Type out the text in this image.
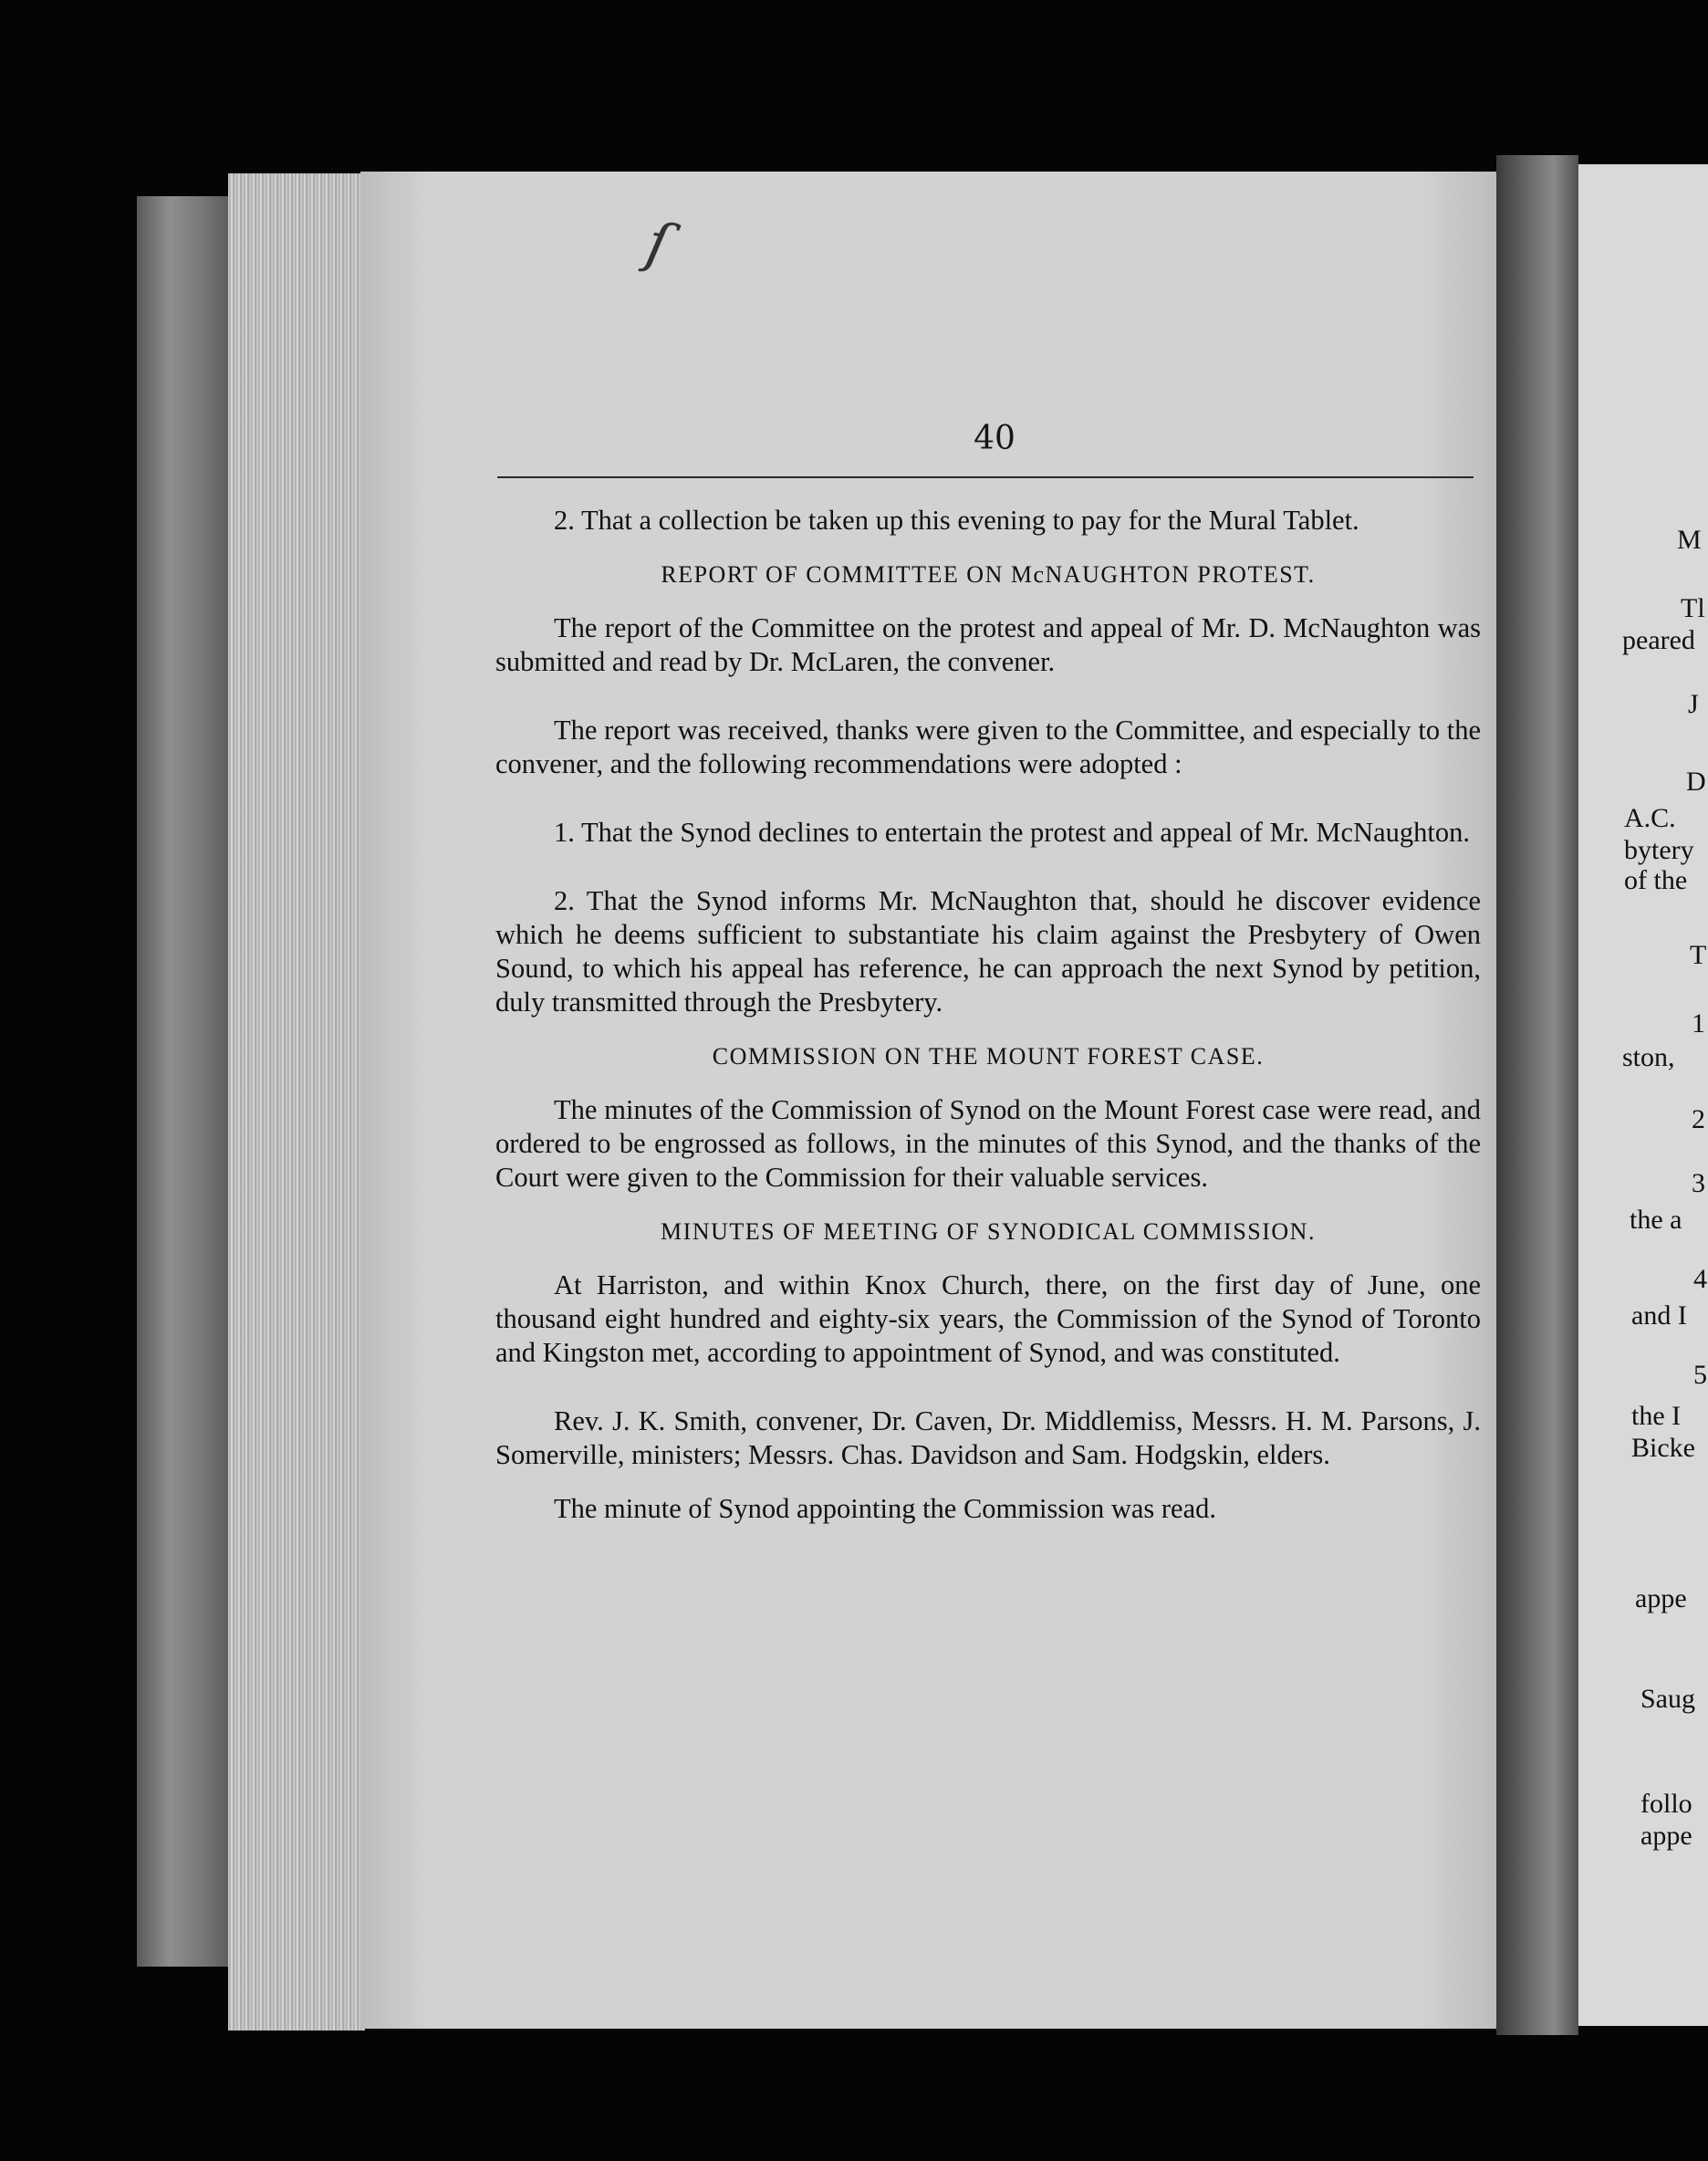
ſ
40

2. That a collection be taken up this evening to pay for the Mural Tablet.

REPORT OF COMMITTEE ON McNAUGHTON PROTEST.

The report of the Committee on the protest and appeal of Mr. D. McNaughton was submitted and read by Dr. McLaren, the convener.

The report was received, thanks were given to the Committee, and especially to the convener, and the following recommendations were adopted :

1. That the Synod declines to entertain the protest and appeal of Mr. McNaughton.

2. That the Synod informs Mr. McNaughton that, should he discover evidence which he deems sufficient to substantiate his claim against the Presbytery of Owen Sound, to which his appeal has reference, he can approach the next Synod by petition, duly transmitted through the Presbytery.

COMMISSION ON THE MOUNT FOREST CASE.

The minutes of the Commission of Synod on the Mount Forest case were read, and ordered to be engrossed as follows, in the minutes of this Synod, and the thanks of the Court were given to the Commission for their valuable services.

MINUTES OF MEETING OF SYNODICAL COMMISSION.

At Harriston, and within Knox Church, there, on the first day of June, one thousand eight hundred and eighty-six years, the Commission of the Synod of Toronto and Kingston met, according to appointment of Synod, and was constituted.

Rev. J. K. Smith, convener, Dr. Caven, Dr. Middlemiss, Messrs. H. M. Parsons, J. Somerville, ministers; Messrs. Chas. Davidson and Sam. Hodgskin, elders.

The minute of Synod appointing the Commission was read.

M
Tl
peared
J
D
A.C.
bytery
of the
T
1
ston,
2
3
the a
4
and I
5
the I
Bicke
appe
Saug
follo
appe
